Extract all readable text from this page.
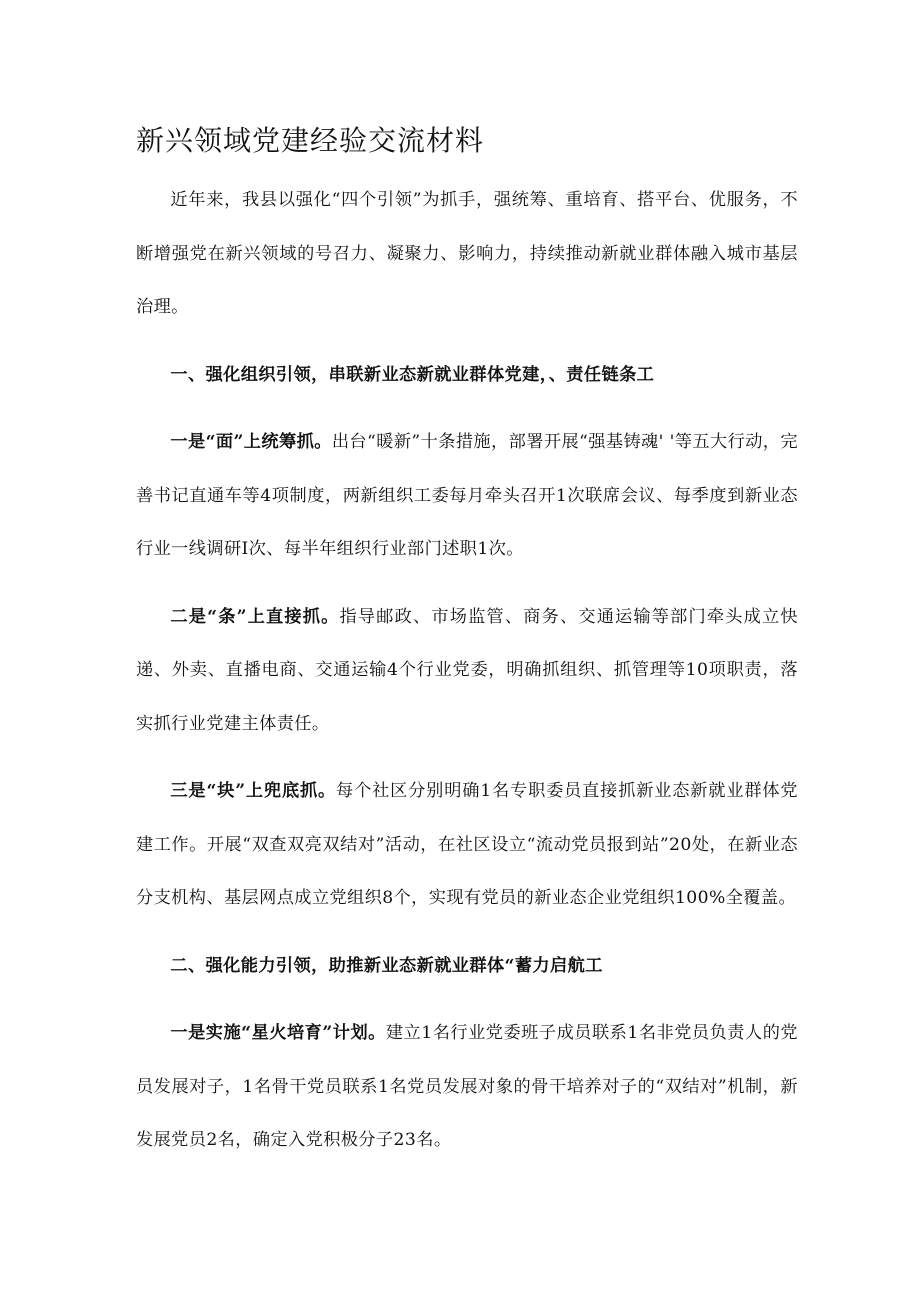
新兴领域党建经验交流材料

近年来，我县以强化“四个引领”为抓手，强统筹、重培育、搭平台、优服务，不断增强党在新兴领域的号召力、凝聚力、影响力，持续推动新就业群体融入城市基层治理。

一、强化组织引领，串联新业态新就业群体党建，、责任链条工

一是“面”上统筹抓。出台“暖新”十条措施，部署开展“强基铸魂' '等五大行动，完善书记直通车等4项制度，两新组织工委每月牵头召开1次联席会议、每季度到新业态行业一线调研I次、每半年组织行业部门述职1次。

二是“条”上直接抓。指导邮政、市场监管、商务、交通运输等部门牵头成立快递、外卖、直播电商、交通运输4个行业党委，明确抓组织、抓管理等10项职责，落实抓行业党建主体责任。

三是“块”上兜底抓。每个社区分别明确1名专职委员直接抓新业态新就业群体党建工作。开展“双查双亮双结对”活动，在社区设立“流动党员报到站”20处，在新业态分支机构、基层网点成立党组织8个，实现有党员的新业态企业党组织100%全覆盖。

二、强化能力引领，助推新业态新就业群体“蓄力启航工

一是实施“星火培育”计划。建立1名行业党委班子成员联系1名非党员负责人的党员发展对子，1名骨干党员联系1名党员发展对象的骨干培养对子的“双结对”机制，新发展党员2名，确定入党积极分子23名。
